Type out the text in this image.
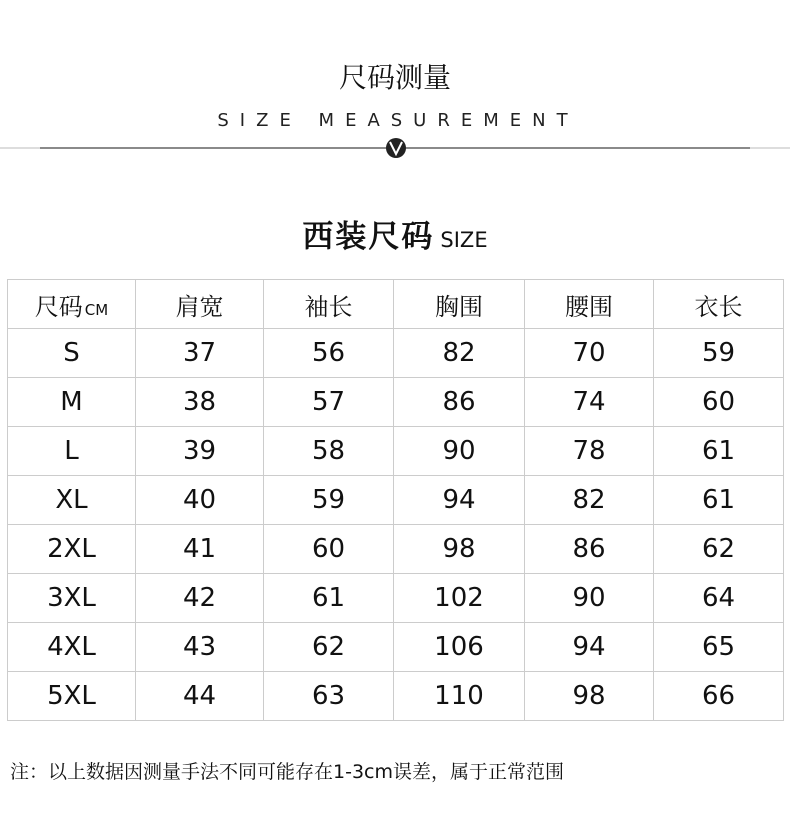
尺码测量
SIZE MEASUREMENT
西装尺码 SIZE
尺码 CM	肩宽	袖长	胸围	腰围	衣长
S	37	56	82	70	59
M	38	57	86	74	60
L	39	58	90	78	61
XL	40	59	94	82	61
2XL	41	60	98	86	62
3XL	42	61	102	90	64
4XL	43	62	106	94	65
5XL	44	63	110	98	66
注：以上数据因测量手法不同可能存在1-3cm误差，属于正常范围
